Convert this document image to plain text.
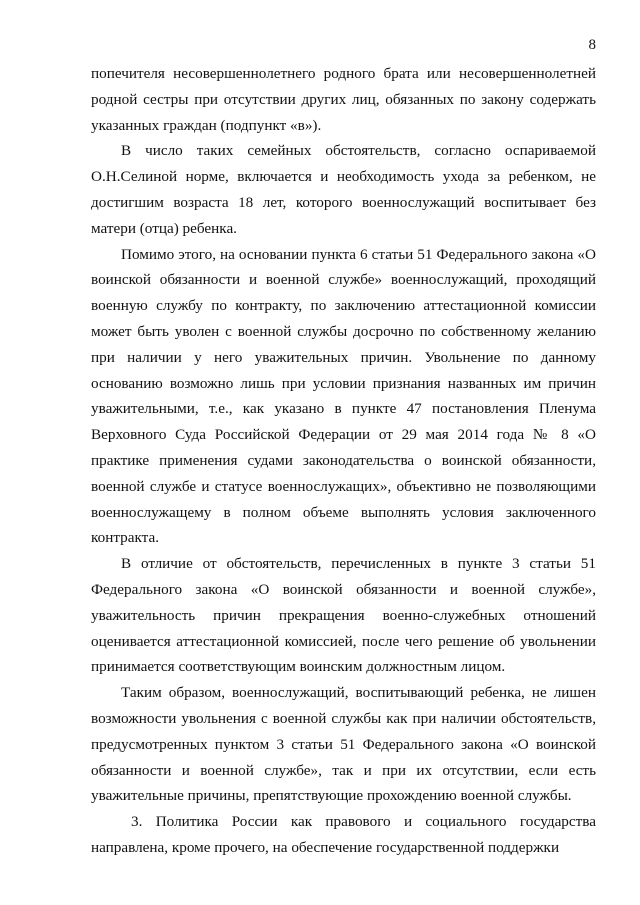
8

попечителя несовершеннолетнего родного брата или несовершеннолетней родной сестры при отсутствии других лиц, обязанных по закону содержать указанных граждан (подпункт «в»).

В число таких семейных обстоятельств, согласно оспариваемой О.Н.Селиной норме, включается и необходимость ухода за ребенком, не достигшим возраста 18 лет, которого военнослужащий воспитывает без матери (отца) ребенка.

Помимо этого, на основании пункта 6 статьи 51 Федерального закона «О воинской обязанности и военной службе» военнослужащий, проходящий военную службу по контракту, по заключению аттестационной комиссии может быть уволен с военной службы досрочно по собственному желанию при наличии у него уважительных причин. Увольнение по данному основанию возможно лишь при условии признания названных им причин уважительными, т.е., как указано в пункте 47 постановления Пленума Верховного Суда Российской Федерации от 29 мая 2014 года № 8 «О практике применения судами законодательства о воинской обязанности, военной службе и статусе военнослужащих», объективно не позволяющими военнослужащему в полном объеме выполнять условия заключенного контракта.

В отличие от обстоятельств, перечисленных в пункте 3 статьи 51 Федерального закона «О воинской обязанности и военной службе», уважительность причин прекращения военно-служебных отношений оценивается аттестационной комиссией, после чего решение об увольнении принимается соответствующим воинским должностным лицом.

Таким образом, военнослужащий, воспитывающий ребенка, не лишен возможности увольнения с военной службы как при наличии обстоятельств, предусмотренных пунктом 3 статьи 51 Федерального закона «О воинской обязанности и военной службе», так и при их отсутствии, если есть уважительные причины, препятствующие прохождению военной службы.

3. Политика России как правового и социального государства направлена, кроме прочего, на обеспечение государственной поддержки
